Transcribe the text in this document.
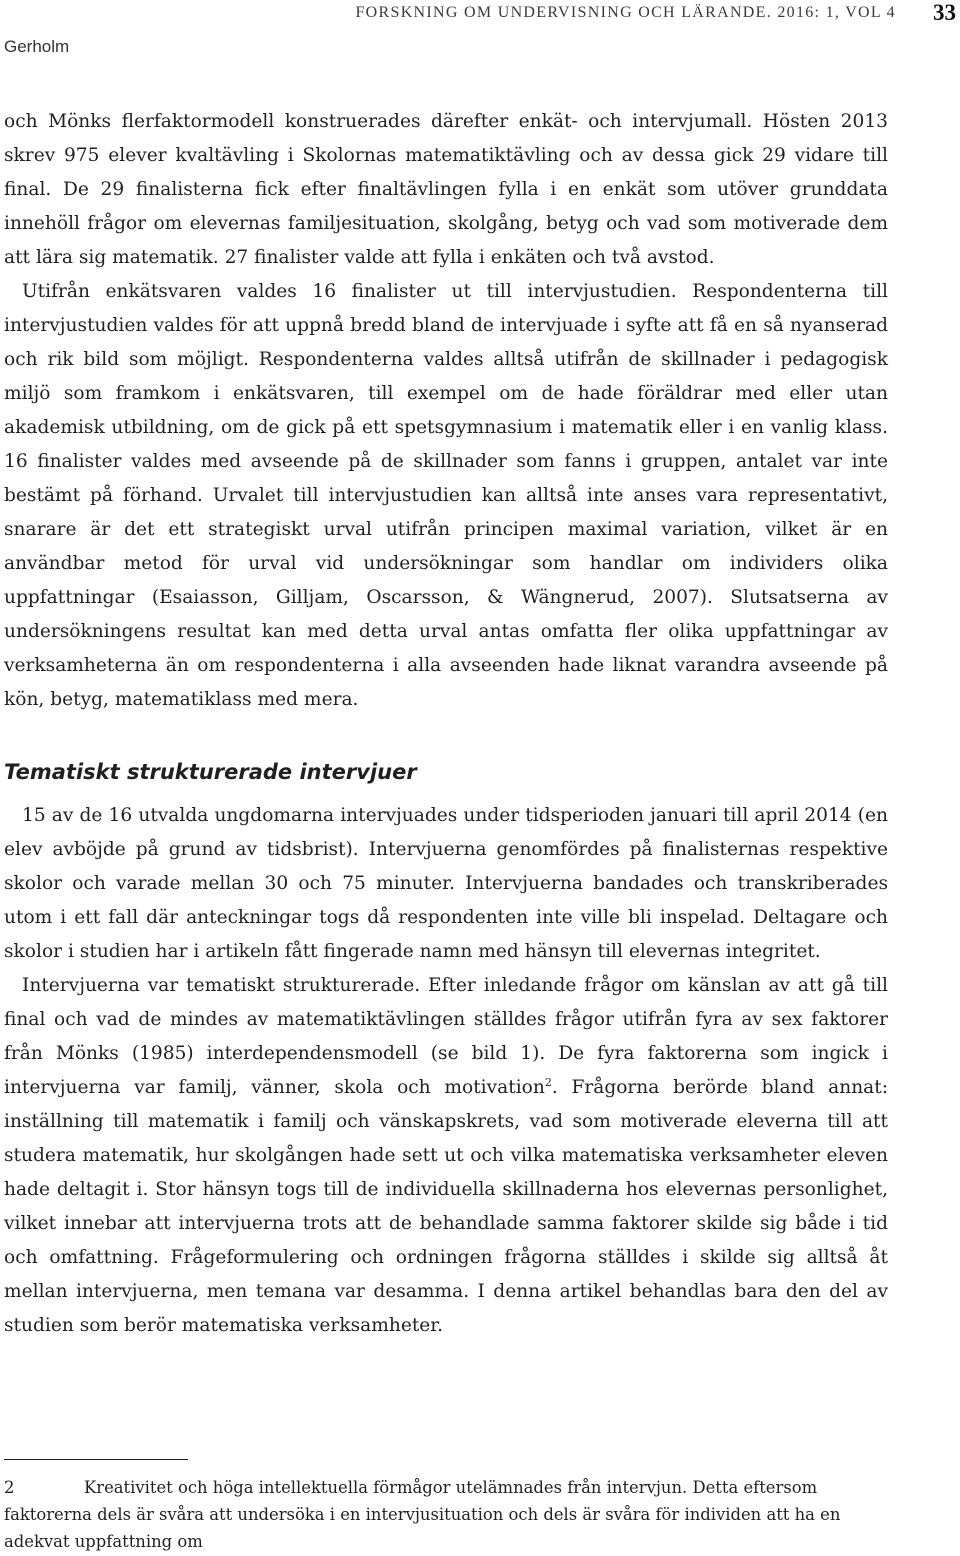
FORSKNING OM UNDERVISNING OCH LÄRANDE. 2016: 1, VOL 4 33
Gerholm

och Mönks flerfaktormodell konstruerades därefter enkät- och intervjumall. Hösten 2013 skrev 975 elever kvaltävling i Skolornas matematiktävling och av dessa gick 29 vidare till final. De 29 finalisterna fick efter finaltävlingen fylla i en enkät som utöver grunddata innehöll frågor om elevernas familjesituation, skolgång, betyg och vad som motiverade dem att lära sig matematik. 27 finalister valde att fylla i enkäten och två avstod.

Utifrån enkätsvaren valdes 16 finalister ut till intervjustudien. Respondenterna till intervjustudien valdes för att uppnå bredd bland de intervjuade i syfte att få en så nyanserad och rik bild som möjligt. Respondenterna valdes alltså utifrån de skillnader i pedagogisk miljö som framkom i enkätsvaren, till exempel om de hade föräldrar med eller utan akademisk utbildning, om de gick på ett spetsgymnasium i matematik eller i en vanlig klass. 16 finalister valdes med avseende på de skillnader som fanns i gruppen, antalet var inte bestämt på förhand. Urvalet till intervjustudien kan alltså inte anses vara representativt, snarare är det ett strategiskt urval utifrån principen maximal variation, vilket är en användbar metod för urval vid undersökningar som handlar om individers olika uppfattningar (Esaiasson, Gilljam, Oscarsson, & Wängnerud, 2007). Slutsatserna av undersökningens resultat kan med detta urval antas omfatta fler olika uppfattningar av verksamheterna än om respondenterna i alla avseenden hade liknat varandra avseende på kön, betyg, matematiklass med mera.

Tematiskt strukturerade intervjuer

15 av de 16 utvalda ungdomarna intervjuades under tidsperioden januari till april 2014 (en elev avböjde på grund av tidsbrist). Intervjuerna genomfördes på finalisternas respektive skolor och varade mellan 30 och 75 minuter. Intervjuerna bandades och transkriberades utom i ett fall där anteckningar togs då respondenten inte ville bli inspelad. Deltagare och skolor i studien har i artikeln fått fingerade namn med hänsyn till elevernas integritet.

Intervjuerna var tematiskt strukturerade. Efter inledande frågor om känslan av att gå till final och vad de mindes av matematiktävlingen ställdes frågor utifrån fyra av sex faktorer från Mönks (1985) interdependensmodell (se bild 1). De fyra faktorerna som ingick i intervjuerna var familj, vänner, skola och motivation$^2$. Frågorna berörde bland annat: inställning till matematik i familj och vänskapskrets, vad som motiverade eleverna till att studera matematik, hur skolgången hade sett ut och vilka matematiska verksamheter eleven hade deltagit i. Stor hänsyn togs till de individuella skillnaderna hos elevernas personlighet, vilket innebar att intervjuerna trots att de behandlade samma faktorer skilde sig både i tid och omfattning. Frågeformulering och ordningen frågorna ställdes i skilde sig alltså åt mellan intervjuerna, men temana var desamma. I denna artikel behandlas bara den del av studien som berör matematiska verksamheter.

2	Kreativitet och höga intellektuella förmågor utelämnades från intervjun. Detta eftersom faktorerna dels är svåra att undersöka i en intervjusituation och dels är svåra för individen att ha en adekvat uppfattning om
